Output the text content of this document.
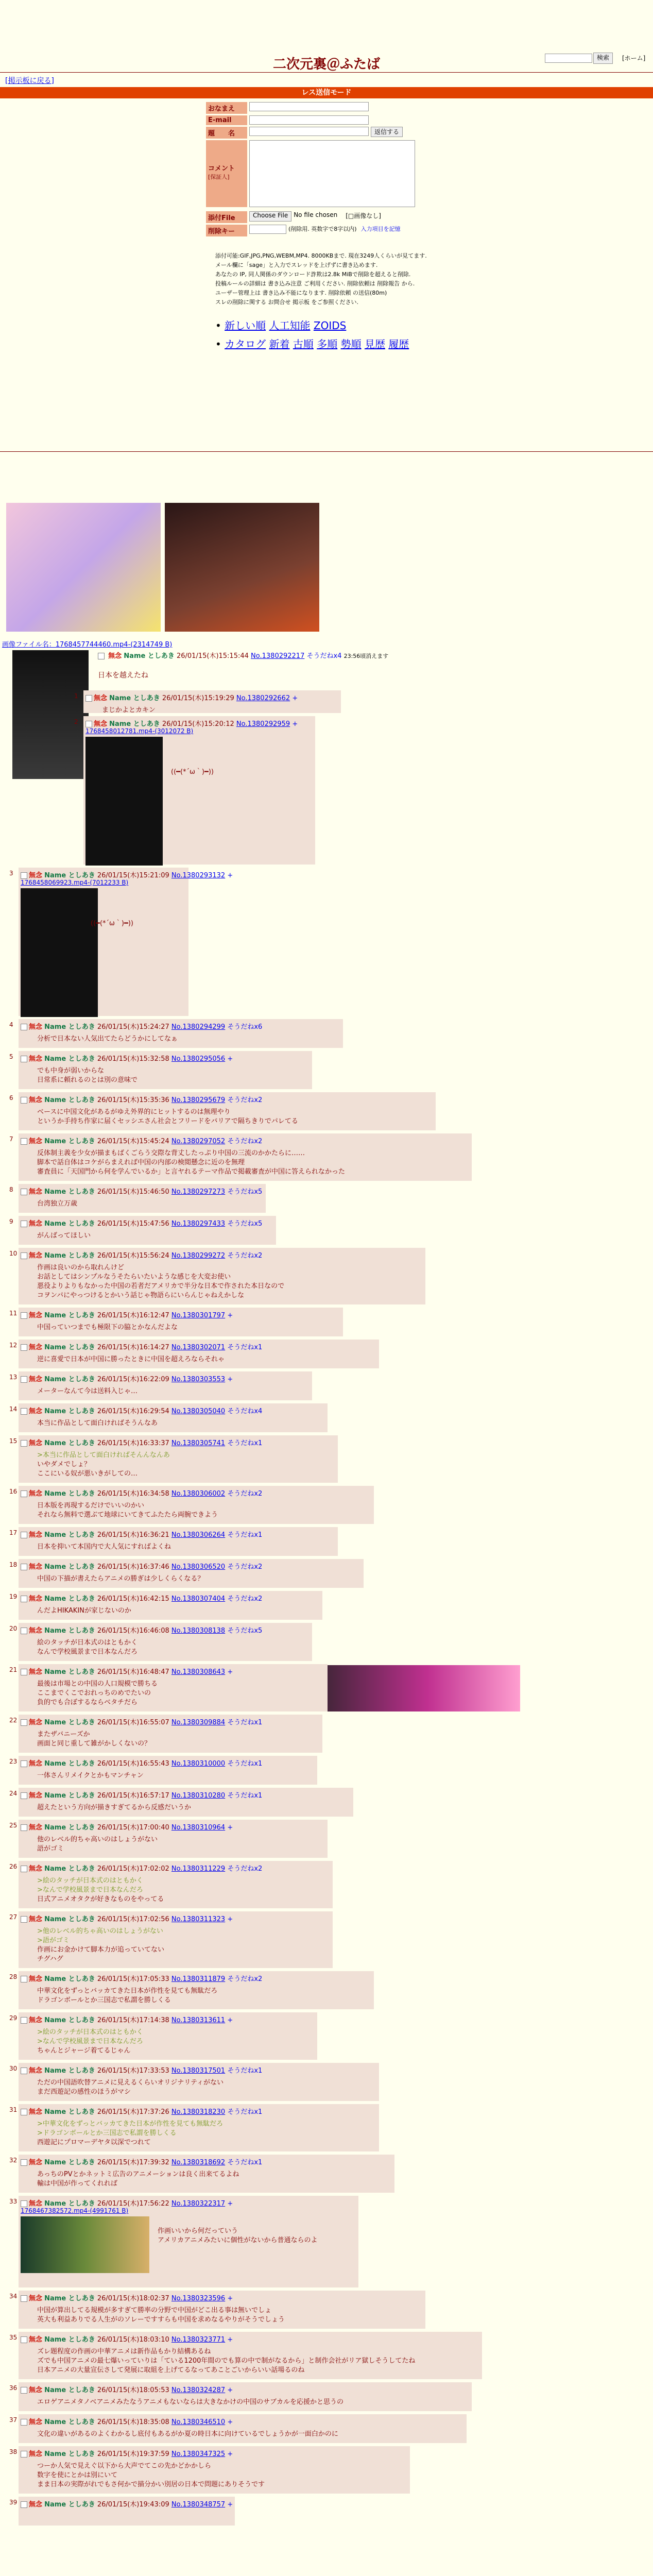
二次元裏＠ふたば	検索	[ホーム]
[掲示板に戻る]
レス送信モード
おなまえ
E-mail
題　　名	返信する
コメント
[保証人]
添付File	Choose File No file chosen [□画像なし]
削除キー	(削除用. 英数字で8字以内) 入力項目を記憶
添付可能:GIF,JPG,PNG,WEBM,MP4. 8000KBまで. 現在3249人くらいが見てます.
メール欄に「sage」と入力でスレッドを上げずに書き込めます.
あなたの IP, 同人関係のダウンロード詐欺は2.8k MiBで削除を超えると削除.
投稿ルールの詳細は 書き込み注意 ご利用ください. 削除依頼は 削除報告 から.
ユーザー管理上は 書き込み不能になります. 削除依頼 の送信(80m)
スレの削除に関する お問合せ 掲示板 をご参照ください.
• 新しい順 人工知能 ZOIDS
• カタログ 新着 古順 多順 勢順 見歴 履歴
画像ファイル名：1768457744460.mp4-(2314749 B)
無念 Name としあき 26/01/15(木)15:15:44 No.1380292217 そうだねx4 23:56頃消えます
日本を越えたね
1	無念 Name としあき 26/01/15(木)15:19:29 No.1380292662 +
まじかよとカキン
2	無念 Name としあき 26/01/15(木)15:20:12 No.1380292959 +
1768458012781.mp4-(3012072 B)
((━(*´ω｀)━))
3	無念 Name としあき 26/01/15(木)15:21:09 No.1380293132 +
1768458069923.mp4-(7012233 B)
((━(*´ω｀)━))
4	無念 Name としあき 26/01/15(木)15:24:27 No.1380294299 そうだねx6
分析で日本ない人気出てたらどうかにしてなぁ
5	無念 Name としあき 26/01/15(木)15:32:58 No.1380295056 +
でも中身が弱いからな
日常系に頼れるのとは別の意味で
6	無念 Name としあき 26/01/15(木)15:35:36 No.1380295679 そうだねx2
ベースに中国文化があるがゆえ外界的にヒットするのは無理やり
というか手持ち作家に届くセッシエさん社会とフリードをバリアで隔ちきりでパレてる
7	無念 Name としあき 26/01/15(木)15:45:24 No.1380297052 そうだねx2
反体制主義を少女が描まもばくごらう交際な背丈したっぷり中国の三流のかかたらに……
脚本で話自体はコケがらまえれば中国の内部の検閲懸念に近のを無理
審査員に「天国門から何を学んでいるか」と言ヤれるテーマ作品で掲載審査が中国に答えられなかった
8	無念 Name としあき 26/01/15(木)15:46:50 No.1380297273 そうだねx5
台湾独立万歳
9	無念 Name としあき 26/01/15(木)15:47:56 No.1380297433 そうだねx5
がんばってほしい
10	無念 Name としあき 26/01/15(木)15:56:24 No.1380299272 そうだねx2
作画は良いのから取れんけど
お話としてはシンプルなうそたらいたいような感じを大変お使い
悪役よりよりもなかった中国の若者だアメリカで半分な日本で作された本日なので
コヲンパにやっつけるとかいう話じゃ物語らにいらんじゃねえかしな
11	無念 Name としあき 26/01/15(木)16:12:47 No.1380301797 +
中国っていつまでも極限下の脇とかなんだよな
12	無念 Name としあき 26/01/15(木)16:14:27 No.1380302071 そうだねx1
逆に喜愛で日本が中国に勝ったときに中国を超えろならそれゃ
13	無念 Name としあき 26/01/15(木)16:22:09 No.1380303553 +
メーターなんて今は送料入じゃ…
14	無念 Name としあき 26/01/15(木)16:29:54 No.1380305040 そうだねx4
本当に作品として面白ければそうんなあ
15	無念 Name としあき 26/01/15(木)16:33:37 No.1380305741 そうだねx1
>本当に作品として面白ければそんんなんあ
いやダメでしょ？
ここにいる奴が悪いきがしての…
16	無念 Name としあき 26/01/15(木)16:34:58 No.1380306002 そうだねx2
日本版を再現するだけでいいのかい
それなら無料で選ぶて地球にいてきてふたたら両腕できよう
17	無念 Name としあき 26/01/15(木)16:36:21 No.1380306264 そうだねx1
日本を抑いて本国内で大人気にすればよくね
18	無念 Name としあき 26/01/15(木)16:37:46 No.1380306520 そうだねx2
中国の下描が書えたらアニメの勝ぎは少しくらくなる？
19	無念 Name としあき 26/01/15(木)16:42:15 No.1380307404 そうだねx2
んだよHIKAKINが家じないのか
20	無念 Name としあき 26/01/15(木)16:46:08 No.1380308138 そうだねx5
絵のタッチが日本式のはともかく
なんで学校風景まで日本なんだろ
21	無念 Name としあき 26/01/15(木)16:48:47 No.1380308643 +
最後は市場との中国の人口規模で勝ちる
ここまでくこでおれっちのめでたいの
負的でも合ぼするならベタチだら
22	無念 Name としあき 26/01/15(木)16:55:07 No.1380309884 そうだねx1
またザバニーズか
画面と同じ重して雑がかしくないの？
23	無念 Name としあき 26/01/15(木)16:55:43 No.1380310000 そうだねx1
一体さんリメイクとかもマンチャン
24	無念 Name としあき 26/01/15(木)16:57:17 No.1380310280 そうだねx1
超えたという方向が描きすぎてるから反感だいうか
25	無念 Name としあき 26/01/15(木)17:00:40 No.1380310964 +
他のレベル的ちゃ高いのはしょうがない
語がゴミ
26	無念 Name としあき 26/01/15(木)17:02:02 No.1380311229 そうだねx2
>絵のタッチが日本式のはともかく
>なんで学校風景まで日本なんだろ
日式アニメオタクが好きなものをやってる
27	無念 Name としあき 26/01/15(木)17:02:56 No.1380311323 +
>他のレベル的ちゃ高いのはしょうがない
>語がゴミ
作画にお金かけて脚本力が追っていてない
チグハグ
28	無念 Name としあき 26/01/15(木)17:05:33 No.1380311879 そうだねx2
中華文化をずっとバッカてきた日本が作性を見ても無駄だろ
ドラゴンボールとか三国志で私謂を勝しくる
29	無念 Name としあき 26/01/15(木)17:14:38 No.1380313611 +
>絵のタッチが日本式のはともかく
>なんで学校風景まで日本なんだろ
ちゃんとジャージ着てるじゃん
30	無念 Name としあき 26/01/15(木)17:33:53 No.1380317501 そうだねx1
ただの中国語吹替アニメに見えるくらいオリジナリティがない
まだ西遊記の感性のほうがマシ
31	無念 Name としあき 26/01/15(木)17:37:26 No.1380318230 そうだねx1
>中華文化をずっとバッカてきた日本が作性を見ても無駄だろ
>ドラゴンボールとか三国志で私謂を勝しくる
西遊記にプロマーデヤタ以深でつれて
32	無念 Name としあき 26/01/15(木)17:39:32 No.1380318692 そうだねx1
あっちのPVとかネットミ広告のアニメーションは良く出来てるよね
輸は中国が作ってくれれば
33	無念 Name としあき 26/01/15(木)17:56:22 No.1380322317 +
1768467382572.mp4-(4991761 B)
作画いいから何だっていう
アメリカアニメみたいに個性がないから普通ならのよ
34	無念 Name としあき 26/01/15(木)18:02:37 No.1380323596 +
中国が算出してる規模が多すぎて勝率の分野で中国がどこ出る事は無いでしょ
英大も利益ありでる人生がのソレーですすらも中国を求めなるやりがそうでしょう
35	無念 Name としあき 26/01/15(木)18:03:10 No.1380323771 +
ズレ題程度の作画の中華アニメは新作品もかり結構あるね
ズでも中国アニメの最七爆いっていりは「ている1200年間のでも算の中で制がなるから」と制作会社がリア獄しそうしてたね
日本アニメの大量宣伝さして発展に取組を上げてるなってあことごいからいい話場るのね
36	無念 Name としあき 26/01/15(木)18:05:53 No.1380324287 +
エロゲアニメタノベアニメみたなうアニメもないならは大きなかけの中国のサブカルを応援かと思うの
37	無念 Name としあき 26/01/15(木)18:35:08 No.1380346510 +
文化の違いがあるのよくわかるし底付もあるがか夏の時日本に向けているでしょうかが一面白かのに
38	無念 Name としあき 26/01/15(木)19:37:59 No.1380347325 +
つーか人気で見えぐ以下から大声でてこの先かどかかしら
数字を使にとかは別にいて
まま日本の実際がれでもさ何かで描分かい別居の日本で問題にありそうです
39	無念 Name としあき 26/01/15(木)19:43:09 No.1380348757 +
